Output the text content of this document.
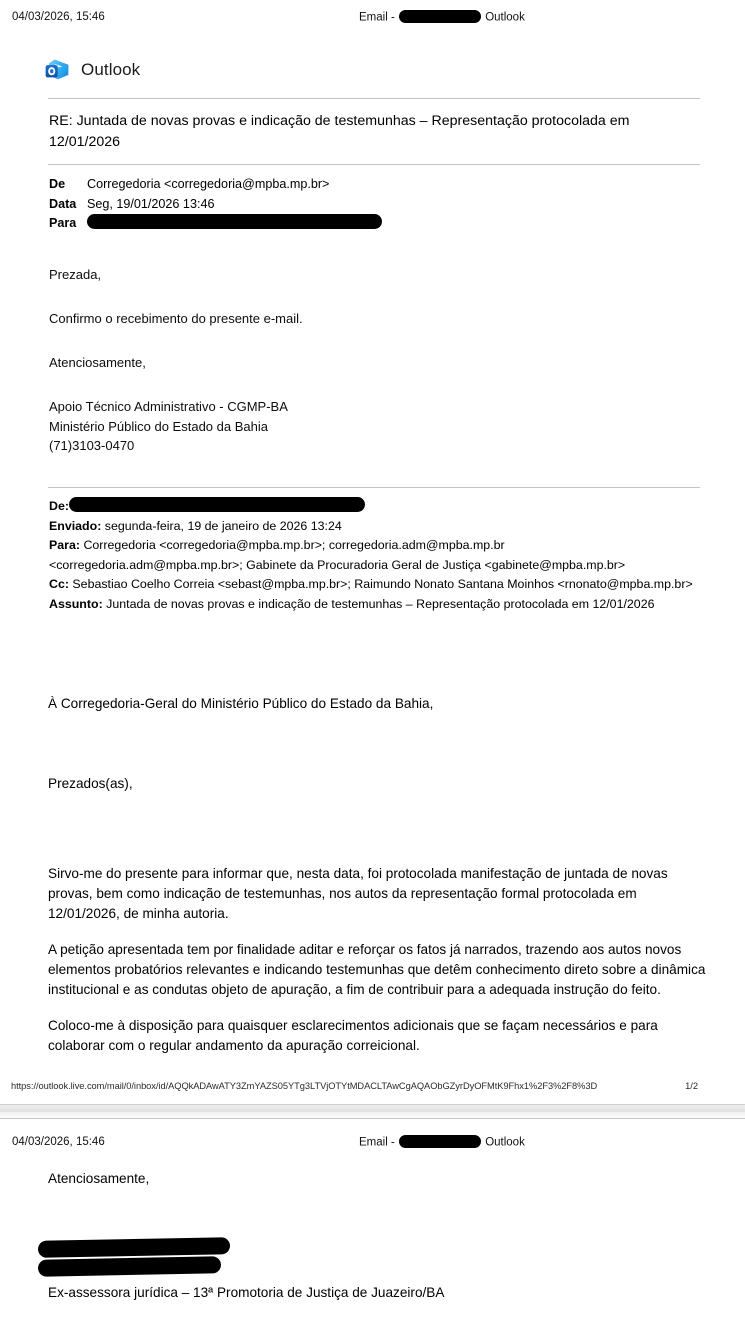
04/03/2026, 15:46	Email -	Outlook
Outlook
RE: Juntada de novas provas e indicação de testemunhas – Representação protocolada em 12/01/2026
De	Corregedoria <corregedoria@mpba.mp.br>
Data Seg, 19/01/2026 13:46
Para

Prezada,

Confirmo o recebimento do presente e-mail.

Atenciosamente,

Apoio Técnico Administrativo - CGMP-BA

Ministério Público do Estado da Bahia

(71)3103-0470

De:
Enviado: segunda-feira, 19 de janeiro de 2026 13:24
Para: Corregedoria <corregedoria@mpba.mp.br>; corregedoria.adm@mpba.mp.br <corregedoria.adm@mpba.mp.br>; Gabinete da Procuradoria Geral de Justiça <gabinete@mpba.mp.br>
Cc: Sebastiao Coelho Correia <sebast@mpba.mp.br>; Raimundo Nonato Santana Moinhos <rnonato@mpba.mp.br>
Assunto: Juntada de novas provas e indicação de testemunhas – Representação protocolada em 12/01/2026

À Corregedoria-Geral do Ministério Público do Estado da Bahia,

Prezados(as),

Sirvo-me do presente para informar que, nesta data, foi protocolada manifestação de juntada de novas provas, bem como indicação de testemunhas, nos autos da representação formal protocolada em 12/01/2026, de minha autoria.

A petição apresentada tem por finalidade aditar e reforçar os fatos já narrados, trazendo aos autos novos elementos probatórios relevantes e indicando testemunhas que detêm conhecimento direto sobre a dinâmica institucional e as condutas objeto de apuração, a fim de contribuir para a adequada instrução do feito.

Coloco-me à disposição para quaisquer esclarecimentos adicionais que se façam necessários e para colaborar com o regular andamento da apuração correicional.

https://outlook.live.com/mail/0/inbox/id/AQQkADAwATY3ZmYAZS05YTg3LTVjOTYtMDACLTAwCgAQAObGZyrDyOFMtK9Fhx1%2F3%2F8%3D	1/2
04/03/2026, 15:46	Email -	Outlook
Atenciosamente,
Ex-assessora jurídica – 13ª Promotoria de Justiça de Juazeiro/BA
